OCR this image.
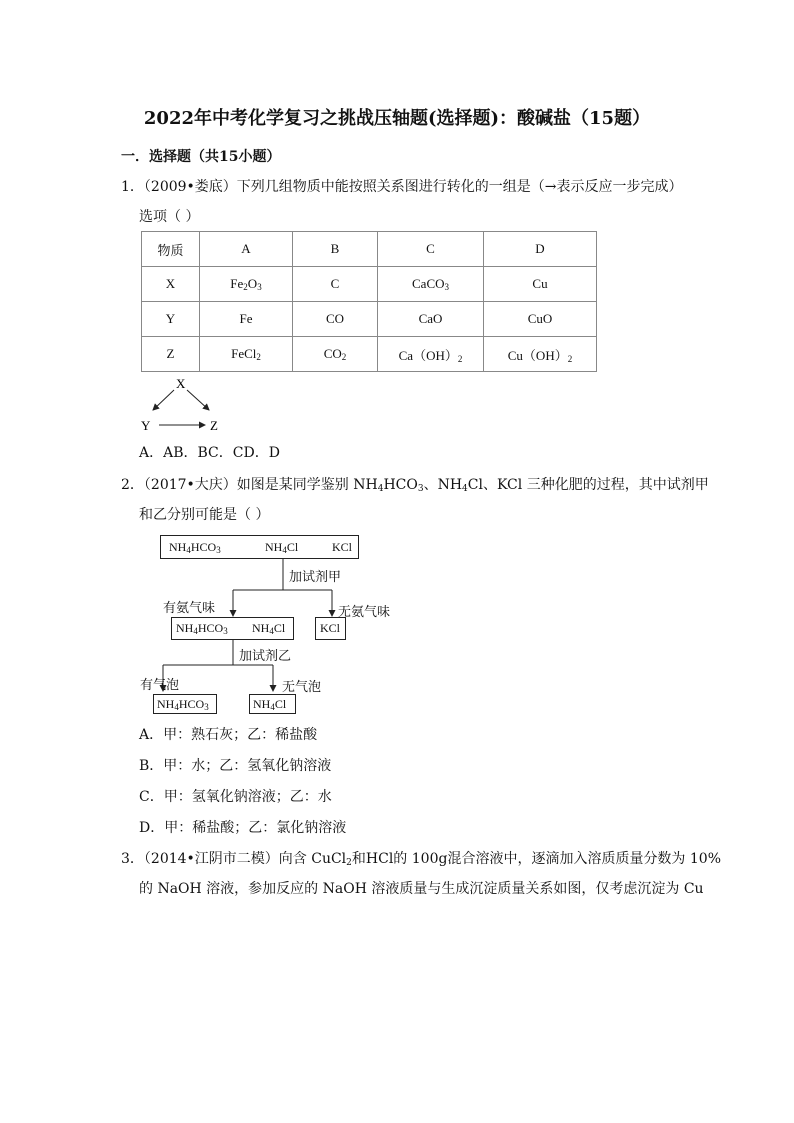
2022年中考化学复习之挑战压轴题(选择题)：酸碱盐（15题）
一．选择题（共15小题）
1．（2009•娄底）下列几组物质中能按照关系图进行转化的一组是（→表示反应一步完成）
选项（ ）
物质	A	B	C	D
X	$Fe_2O_3$	C	CaCO$_3$	Cu
Y	Fe	CO	CaO	CuO
Z	FeCl$_2$	$CO_2$	$Ca(OH)_2$	$Cu(OH)_2$
X
Y	Z
A．AB．BC．CD．D
2．（2017•大庆）如图是某同学鉴别 $NH_4HCO_3$、$NH_4Cl$、KCl 三种化肥的过程，其中试剂甲
和乙分别可能是（ ）
$NH_4HCO_3$	$NH_4Cl$	KCl
加试剂甲
有氨气味	无氨气味
$NH_4HCO_3$ $NH_4Cl$	KCl
加试剂乙
有气泡	无气泡
$NH_4HCO_3$	$NH_4Cl$
A．甲：熟石灰；乙：稀盐酸
B．甲：水；乙：氢氧化钠溶液
C．甲：氢氧化钠溶液；乙：水
D．甲：稀盐酸；乙：氯化钠溶液
3．（2014•江阴市二模）向含 CuCl$_2$和HCl的 100g混合溶液中，逐滴加入溶质质量分数为 10%
的 NaOH 溶液，参加反应的 NaOH 溶液质量与生成沉淀质量关系如图，仅考虑沉淀为 Cu
